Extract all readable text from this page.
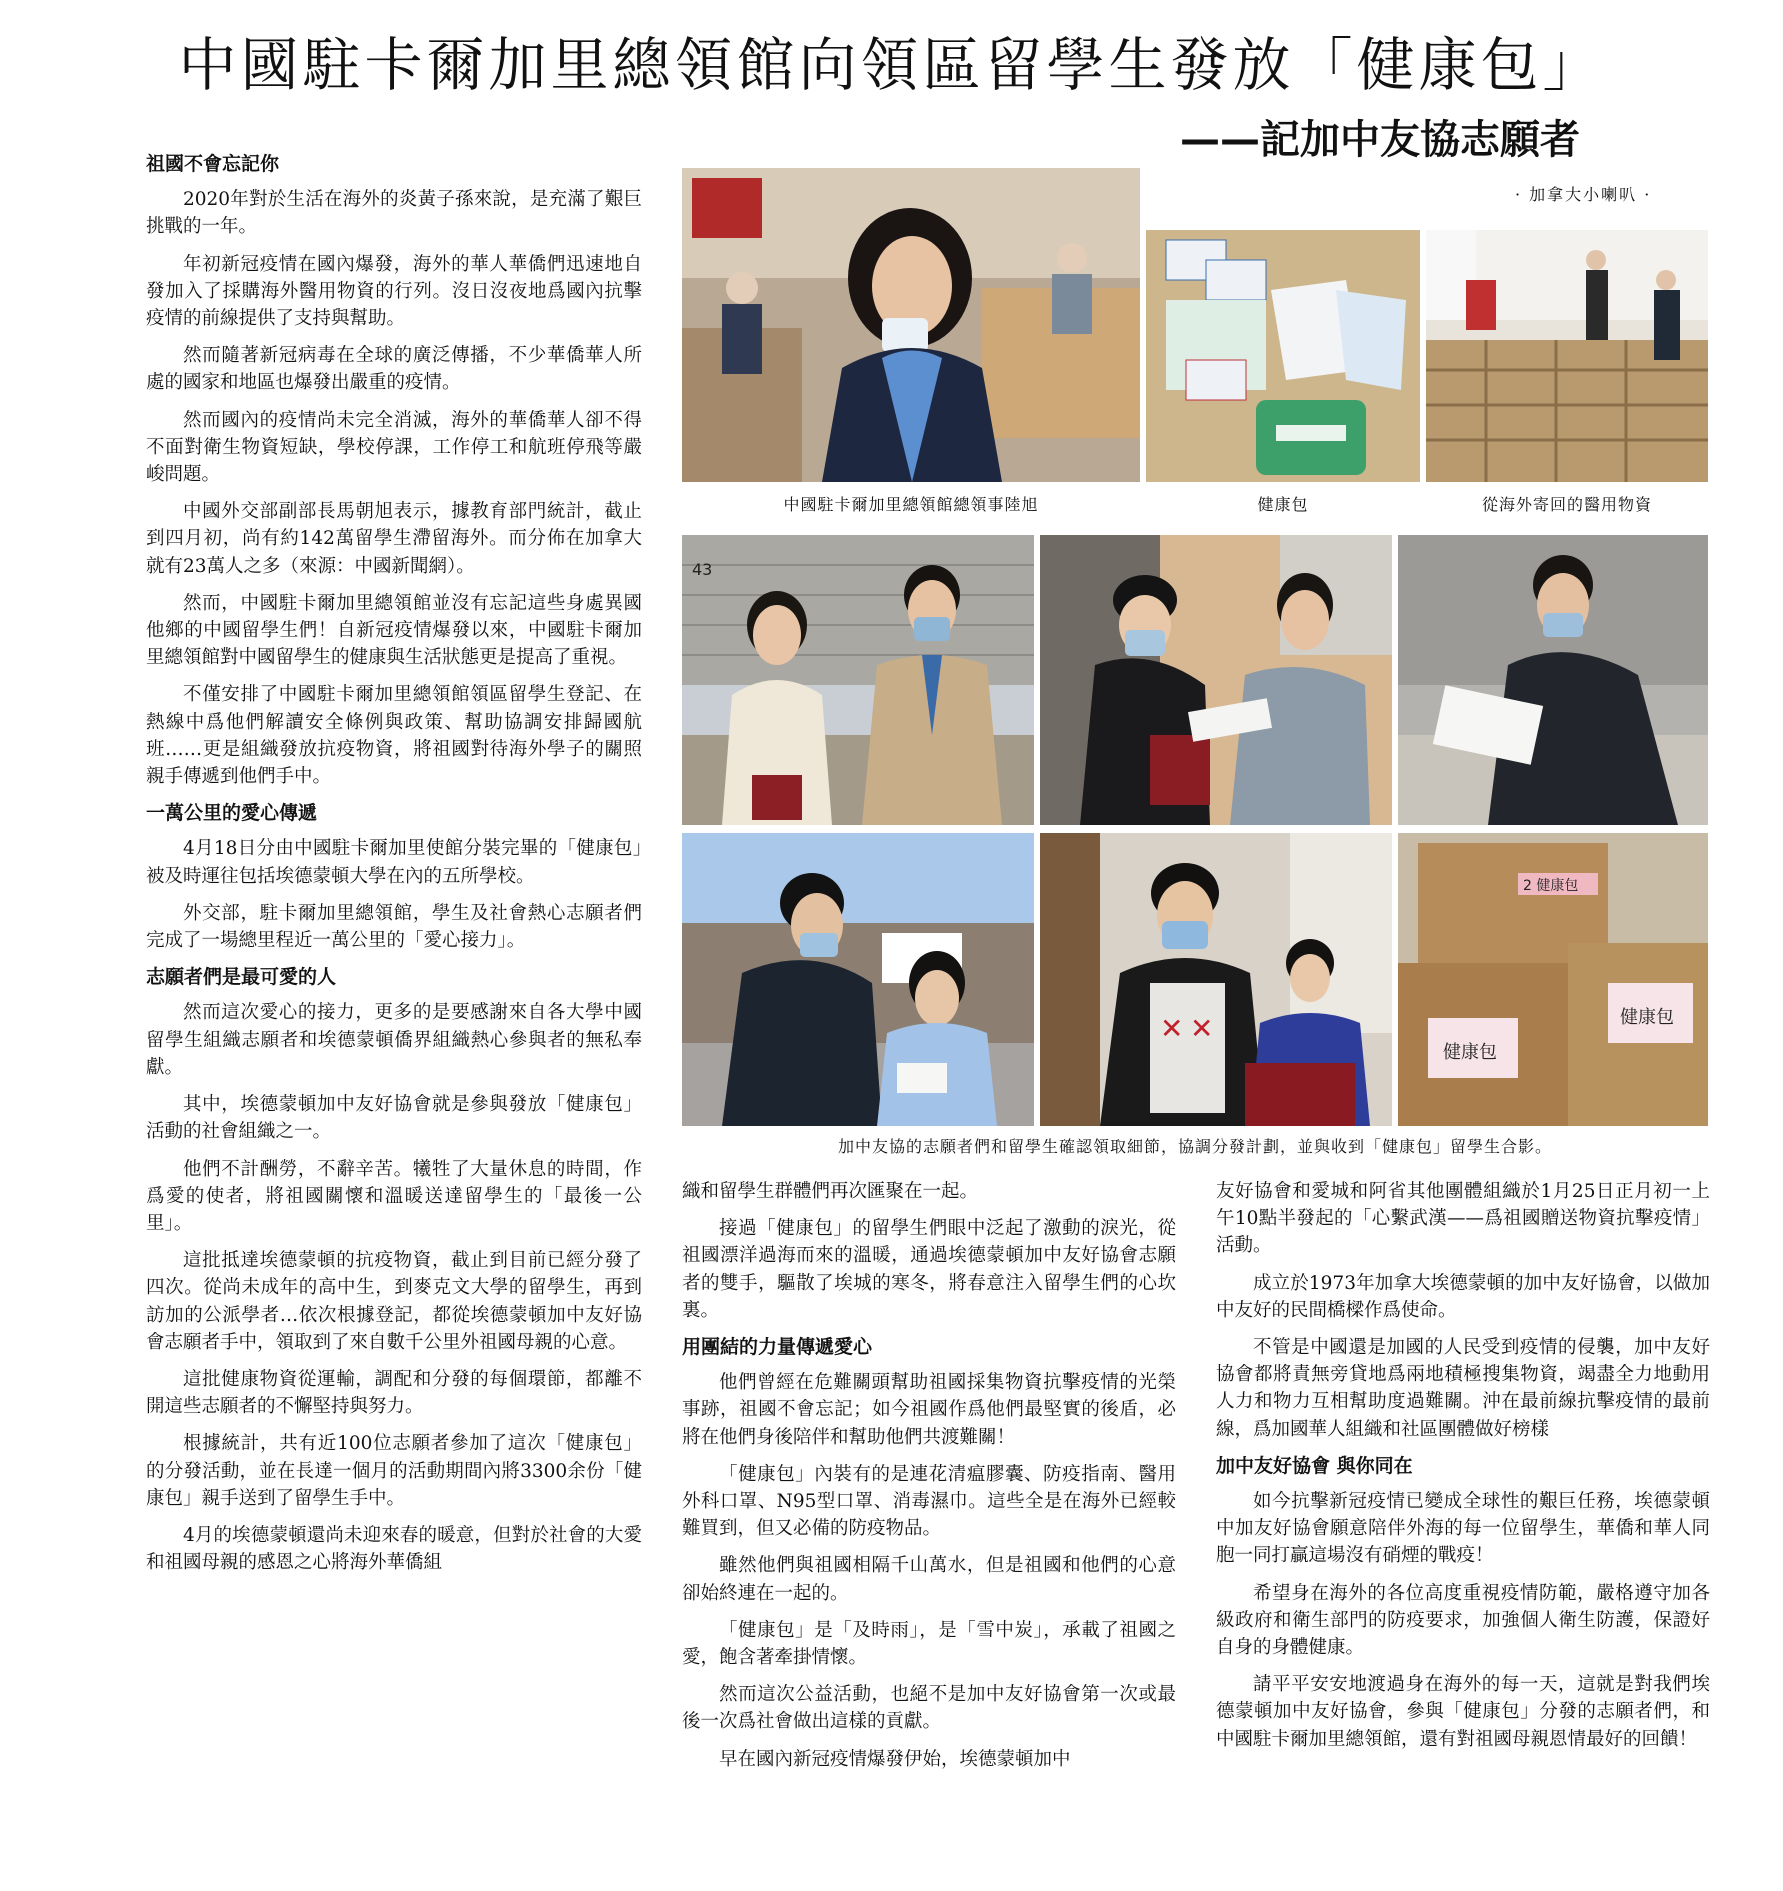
中國駐卡爾加里總領館向領區留學生發放「健康包」
——記加中友協志願者
· 加拿大小喇叭 ·
祖國不會忘記你

2020年對於生活在海外的炎黃子孫來說，是充滿了艱巨挑戰的一年。

年初新冠疫情在國內爆發，海外的華人華僑們迅速地自發加入了採購海外醫用物資的行列。沒日沒夜地爲國內抗擊疫情的前線提供了支持與幫助。

然而隨著新冠病毒在全球的廣泛傳播，不少華僑華人所處的國家和地區也爆發出嚴重的疫情。

然而國內的疫情尚未完全消滅，海外的華僑華人卻不得不面對衛生物資短缺，學校停課，工作停工和航班停飛等嚴峻問題。

中國外交部副部長馬朝旭表示，據教育部門統計，截止到四月初，尚有約142萬留學生滯留海外。而分佈在加拿大就有23萬人之多（來源：中國新聞網）。

然而，中國駐卡爾加里總領館並沒有忘記這些身處異國他鄉的中國留學生們！自新冠疫情爆發以來，中國駐卡爾加里總領館對中國留學生的健康與生活狀態更是提高了重視。

不僅安排了中國駐卡爾加里總領館領區留學生登記、在熱線中爲他們解讀安全條例與政策、幫助協調安排歸國航班……更是組織發放抗疫物資，將祖國對待海外學子的關照親手傳遞到他們手中。

一萬公里的愛心傳遞

4月18日分由中國駐卡爾加里使館分裝完畢的「健康包」被及時運往包括埃德蒙頓大學在內的五所學校。

外交部，駐卡爾加里總領館，學生及社會熱心志願者們完成了一場總里程近一萬公里的「愛心接力」。

志願者們是最可愛的人

然而這次愛心的接力，更多的是要感謝來自各大學中國留學生組織志願者和埃德蒙頓僑界組織熱心參與者的無私奉獻。

其中，埃德蒙頓加中友好協會就是參與發放「健康包」活動的社會組織之一。

他們不計酬勞，不辭辛苦。犧牲了大量休息的時間，作爲愛的使者，將祖國關懷和溫暖送達留學生的「最後一公里」。

這批抵達埃德蒙頓的抗疫物資，截止到目前已經分發了四次。從尚未成年的高中生，到麥克文大學的留學生，再到訪加的公派學者…依次根據登記，都從埃德蒙頓加中友好協會志願者手中，領取到了來自數千公里外祖國母親的心意。

這批健康物資從運輸，調配和分發的每個環節，都離不開這些志願者的不懈堅持與努力。

根據統計，共有近100位志願者參加了這次「健康包」的分發活動，並在長達一個月的活動期間內將3300余份「健康包」親手送到了留學生手中。

4月的埃德蒙頓還尚未迎來春的暖意，但對於社會的大愛和祖國母親的感恩之心將海外華僑組

中國駐卡爾加里總領館總領事陸旭	健康包	從海外寄回的醫用物資
43
✕ ✕
2 健康包
健康包
健康包
加中友協的志願者們和留學生確認領取細節，協調分發計劃，並與收到「健康包」留學生合影。

織和留學生群體們再次匯聚在一起。

接過「健康包」的留學生們眼中泛起了激動的淚光，從祖國漂洋過海而來的溫暖，通過埃德蒙頓加中友好協會志願者的雙手，驅散了埃城的寒冬，將春意注入留學生們的心坎裏。

用團結的力量傳遞愛心

他們曾經在危難關頭幫助祖國採集物資抗擊疫情的光榮事跡，祖國不會忘記；如今祖國作爲他們最堅實的後盾，必將在他們身後陪伴和幫助他們共渡難關！

「健康包」內裝有的是連花清瘟膠囊、防疫指南、醫用外科口罩、N95型口罩、消毒濕巾。這些全是在海外已經較難買到，但又必備的防疫物品。

雖然他們與祖國相隔千山萬水，但是祖國和他們的心意卻始終連在一起的。

「健康包」是「及時雨」，是「雪中炭」，承載了祖國之愛，飽含著牽掛情懷。

然而這次公益活動，也絕不是加中友好協會第一次或最後一次爲社會做出這樣的貢獻。

早在國內新冠疫情爆發伊始，埃德蒙頓加中

友好協會和愛城和阿省其他團體組織於1月25日正月初一上午10點半發起的「心繫武漢——爲祖國贈送物資抗擊疫情」活動。

成立於1973年加拿大埃德蒙頓的加中友好協會，以做加中友好的民間橋樑作爲使命。

不管是中國還是加國的人民受到疫情的侵襲，加中友好協會都將責無旁貸地爲兩地積極搜集物資，竭盡全力地動用人力和物力互相幫助度過難關。沖在最前線抗擊疫情的最前線，爲加國華人組織和社區團體做好榜樣

加中友好協會 與你同在

如今抗擊新冠疫情已變成全球性的艱巨任務，埃德蒙頓中加友好協會願意陪伴外海的每一位留學生，華僑和華人同胞一同打贏這場沒有硝煙的戰疫！

希望身在海外的各位高度重視疫情防範，嚴格遵守加各級政府和衛生部門的防疫要求，加強個人衛生防護，保證好自身的身體健康。

請平平安安地渡過身在海外的每一天，這就是對我們埃德蒙頓加中友好協會，參與「健康包」分發的志願者們，和中國駐卡爾加里總領館，還有對祖國母親恩情最好的回饋！
